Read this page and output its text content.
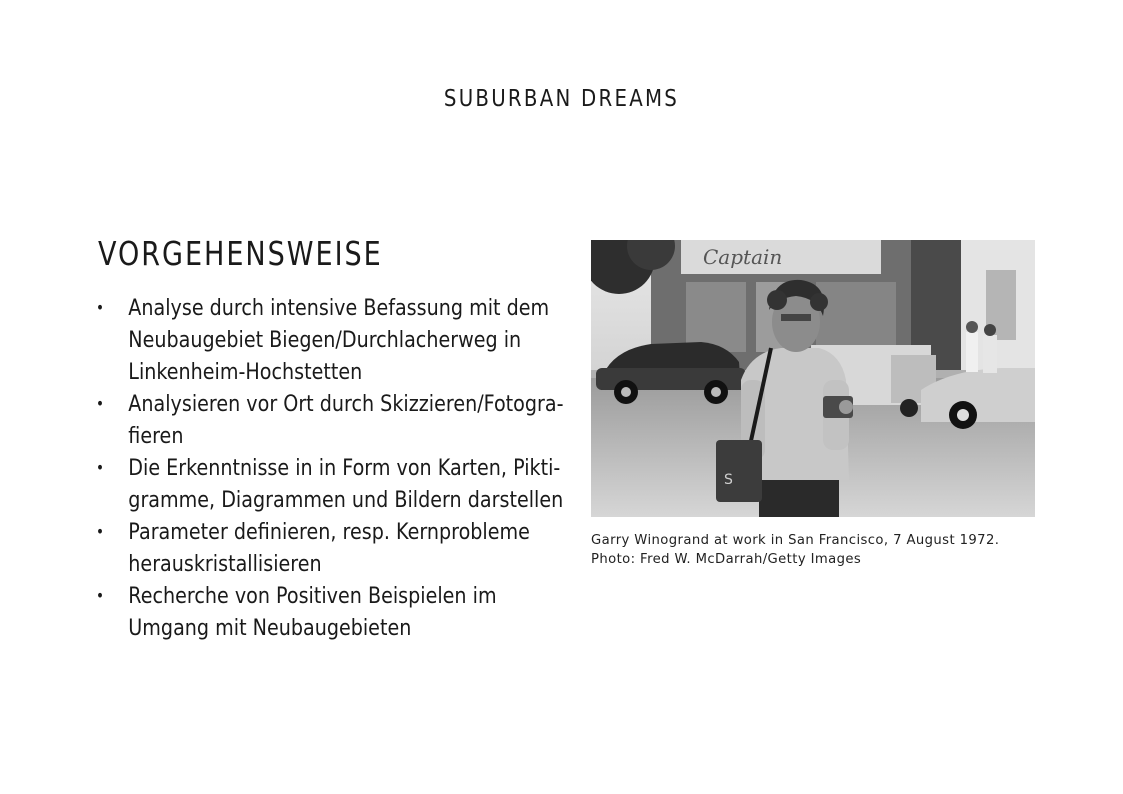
SUBURBAN DREAMS
VORGEHENSWEISE
• Analyse durch intensive Befassung mit dem
Neubaugebiet Biegen/Durchlacherweg in
Linkenheim-Hochstetten
• Analysieren vor Ort durch Skizzieren/Fotogra-
fieren
• Die Erkenntnisse in in Form von Karten, Pikti-
gramme, Diagrammen und Bildern darstellen
• Parameter definieren, resp. Kernprobleme
herauskristallisieren
• Recherche von Positiven Beispielen im
Umgang mit Neubaugebieten
Captain
S
Garry Winogrand at work in San Francisco, 7 August 1972.
Photo: Fred W. McDarrah/Getty Images
